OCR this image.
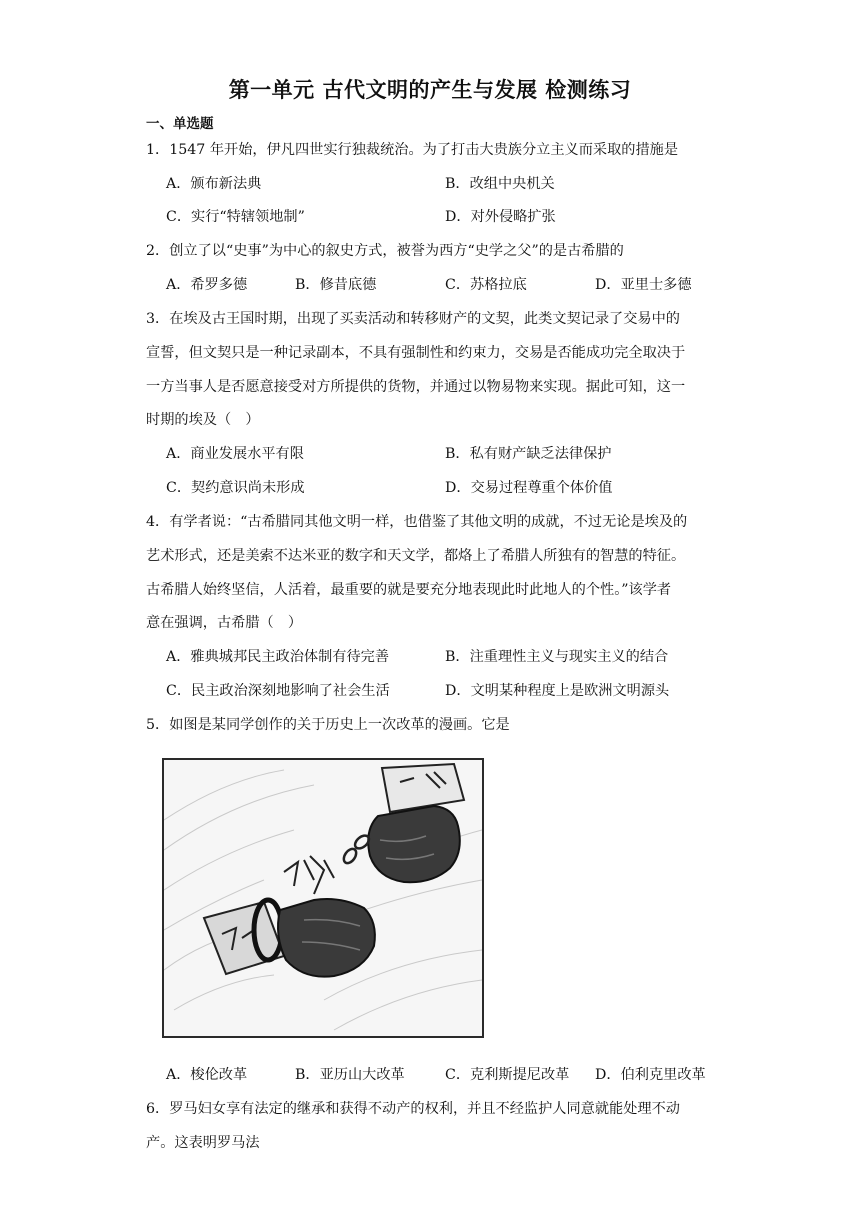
第一单元 古代文明的产生与发展 检测练习
一、单选题
1．1547 年开始，伊凡四世实行独裁统治。为了打击大贵族分立主义而采取的措施是
A．颁布新法典	B．改组中央机关
C．实行“特辖领地制”	D．对外侵略扩张
2．创立了以“史事”为中心的叙史方式，被誉为西方“史学之父”的是古希腊的
A．希罗多德	B．修昔底德	C．苏格拉底	D．亚里士多德
3．在埃及古王国时期，出现了买卖活动和转移财产的文契，此类文契记录了交易中的
宣誓，但文契只是一种记录副本，不具有强制性和约束力，交易是否能成功完全取决于
一方当事人是否愿意接受对方所提供的货物，并通过以物易物来实现。据此可知，这一
时期的埃及（　）
A．商业发展水平有限	B．私有财产缺乏法律保护
C．契约意识尚未形成	D．交易过程尊重个体价值
4．有学者说：“古希腊同其他文明一样，也借鉴了其他文明的成就，不过无论是埃及的
艺术形式，还是美索不达米亚的数字和天文学，都烙上了希腊人所独有的智慧的特征。
古希腊人始终坚信，人活着，最重要的就是要充分地表现此时此地人的个性。”该学者
意在强调，古希腊（　）
A．雅典城邦民主政治体制有待完善	B．注重理性主义与现实主义的结合
C．民主政治深刻地影响了社会生活	D．文明某种程度上是欧洲文明源头
5．如图是某同学创作的关于历史上一次改革的漫画。它是
A．梭伦改革	B．亚历山大改革	C．克利斯提尼改革 D．伯利克里改革
6．罗马妇女享有法定的继承和获得不动产的权利，并且不经监护人同意就能处理不动
产。这表明罗马法
